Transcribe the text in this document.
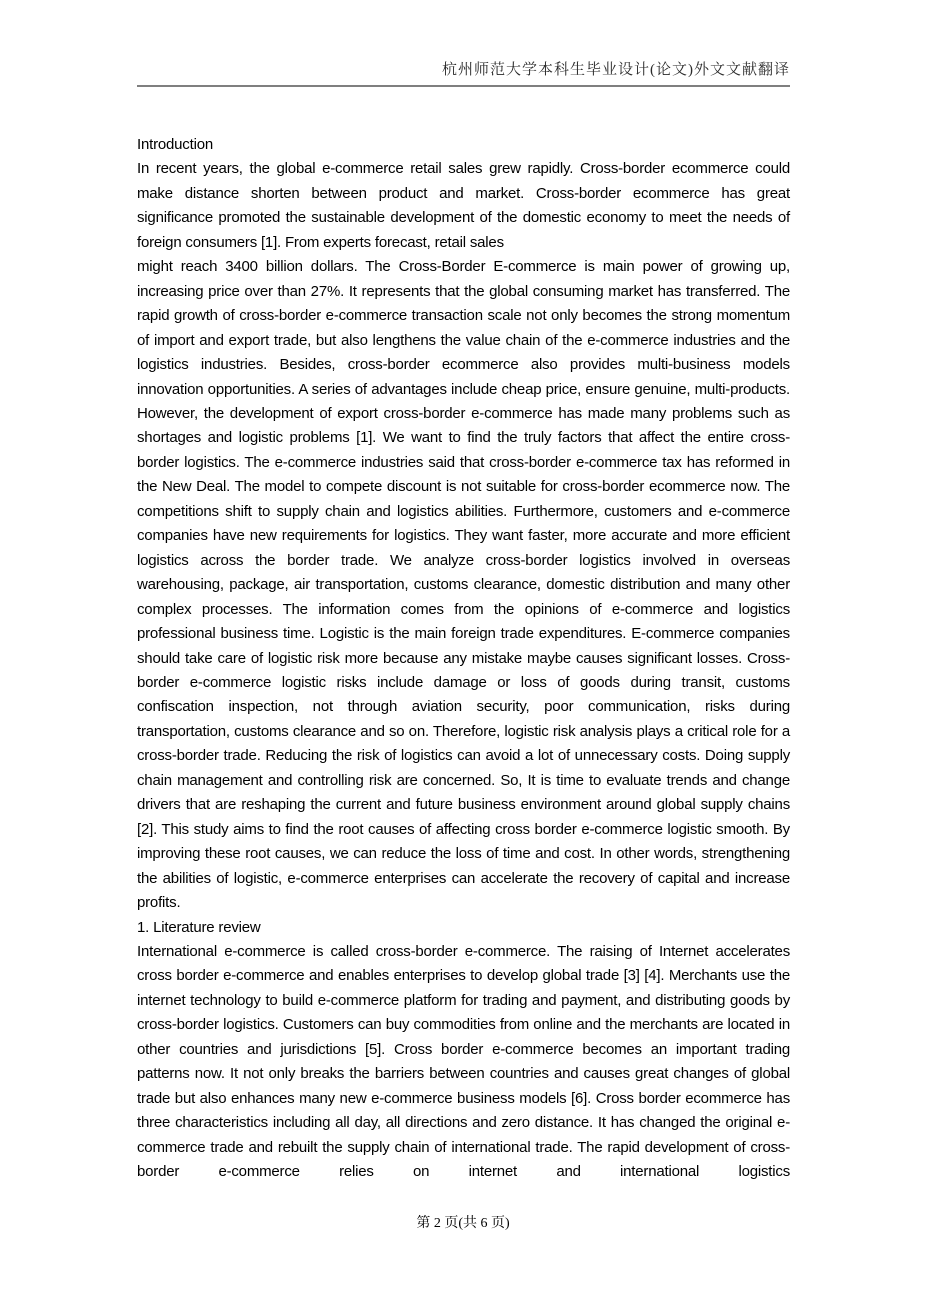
杭州师范大学本科生毕业设计(论文)外文文献翻译

Introduction

In recent years, the global e-commerce retail sales grew rapidly. Cross-border ecommerce could make distance shorten between product and market. Cross-border ecommerce has great significance promoted the sustainable development of the domestic economy to meet the needs of foreign consumers [1]. From experts forecast, retail sales

might reach 3400 billion dollars. The Cross-Border E-commerce is main power of growing up, increasing price over than 27%. It represents that the global consuming market has transferred. The rapid growth of cross-border e-commerce transaction scale not only becomes the strong momentum of import and export trade, but also lengthens the value chain of the e-commerce industries and the logistics industries. Besides, cross-border ecommerce also provides multi-business models innovation opportunities. A series of advantages include cheap price, ensure genuine, multi-products. However, the development of export cross-border e-commerce has made many problems such as shortages and logistic problems [1]. We want to find the truly factors that affect the entire cross-border logistics. The e-commerce industries said that cross-border e-commerce tax has reformed in the New Deal. The model to compete discount is not suitable for cross-border ecommerce now. The competitions shift to supply chain and logistics abilities. Furthermore, customers and e-commerce companies have new requirements for logistics. They want faster, more accurate and more efficient logistics across the border trade. We analyze cross-border logistics involved in overseas warehousing, package, air transportation, customs clearance, domestic distribution and many other complex processes. The information comes from the opinions of e-commerce and logistics professional business time. Logistic is the main foreign trade expenditures. E-commerce companies should take care of logistic risk more because any mistake maybe causes significant losses. Cross-border e-commerce logistic risks include damage or loss of goods during transit, customs confiscation inspection, not through aviation security, poor communication, risks during transportation, customs clearance and so on. Therefore, logistic risk analysis plays a critical role for a cross-border trade. Reducing the risk of logistics can avoid a lot of unnecessary costs. Doing supply chain management and controlling risk are concerned. So, It is time to evaluate trends and change drivers that are reshaping the current and future business environment around global supply chains [2]. This study aims to find the root causes of affecting cross border e-commerce logistic smooth. By improving these root causes, we can reduce the loss of time and cost. In other words, strengthening the abilities of logistic, e-commerce enterprises can accelerate the recovery of capital and increase profits.

1. Literature review

International e-commerce is called cross-border e-commerce. The raising of Internet accelerates cross border e-commerce and enables enterprises to develop global trade [3] [4]. Merchants use the internet technology to build e-commerce platform for trading and payment, and distributing goods by cross-border logistics. Customers can buy commodities from online and the merchants are located in other countries and jurisdictions [5]. Cross border e-commerce becomes an important trading patterns now. It not only breaks the barriers between countries and causes great changes of global trade but also enhances many new e-commerce business models [6]. Cross border ecommerce has three characteristics including all day, all directions and zero distance. It has changed the original e-commerce trade and rebuilt the supply chain of international trade. The rapid development of cross-border e-commerce relies on internet and international logistics

第 2 页(共 6 页)
